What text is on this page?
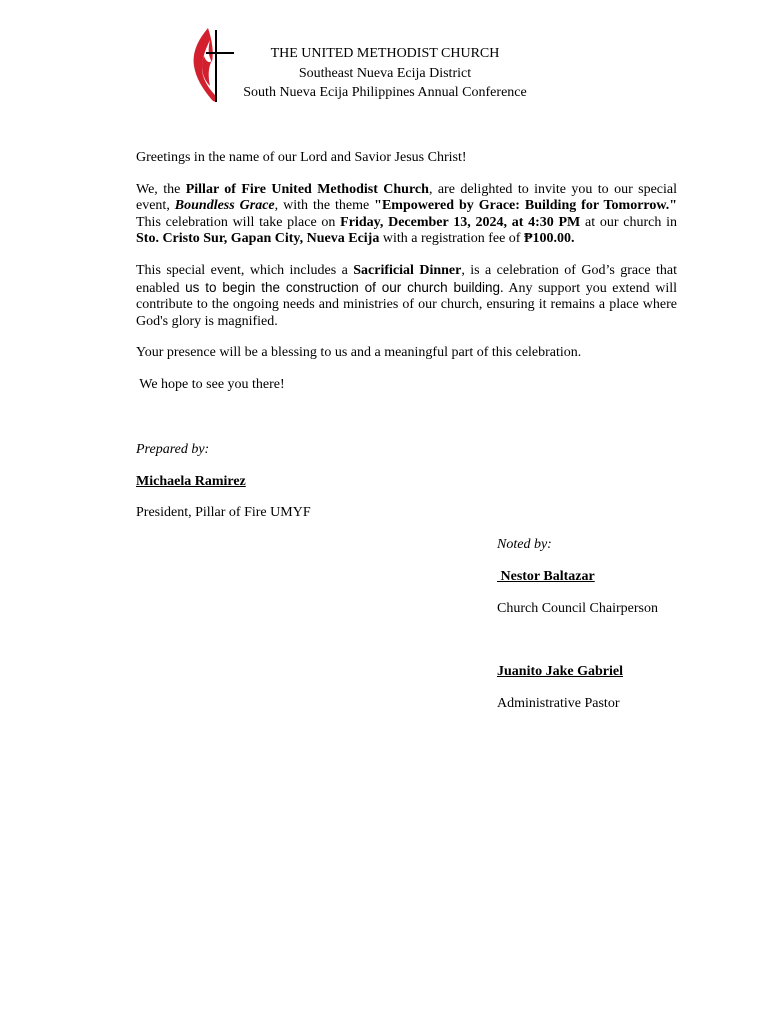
THE UNITED METHODIST CHURCH
Southeast Nueva Ecija District
South Nueva Ecija Philippines Annual Conference

Greetings in the name of our Lord and Savior Jesus Christ!

We, the Pillar of Fire United Methodist Church, are delighted to invite you to our special event, Boundless Grace, with the theme "Empowered by Grace: Building for Tomorrow." This celebration will take place on Friday, December 13, 2024, at 4:30 PM at our church in Sto. Cristo Sur, Gapan City, Nueva Ecija with a registration fee of ₱100.00.

This special event, which includes a Sacrificial Dinner, is a celebration of God’s grace that enabled us to begin the construction of our church building. Any support you extend will contribute to the ongoing needs and ministries of our church, ensuring it remains a place where God's glory is magnified.

Your presence will be a blessing to us and a meaningful part of this celebration.

We hope to see you there!

Prepared by:
Michaela Ramirez
President, Pillar of Fire UMYF
Noted by:
Nestor Baltazar
Church Council Chairperson
Juanito Jake Gabriel
Administrative Pastor
